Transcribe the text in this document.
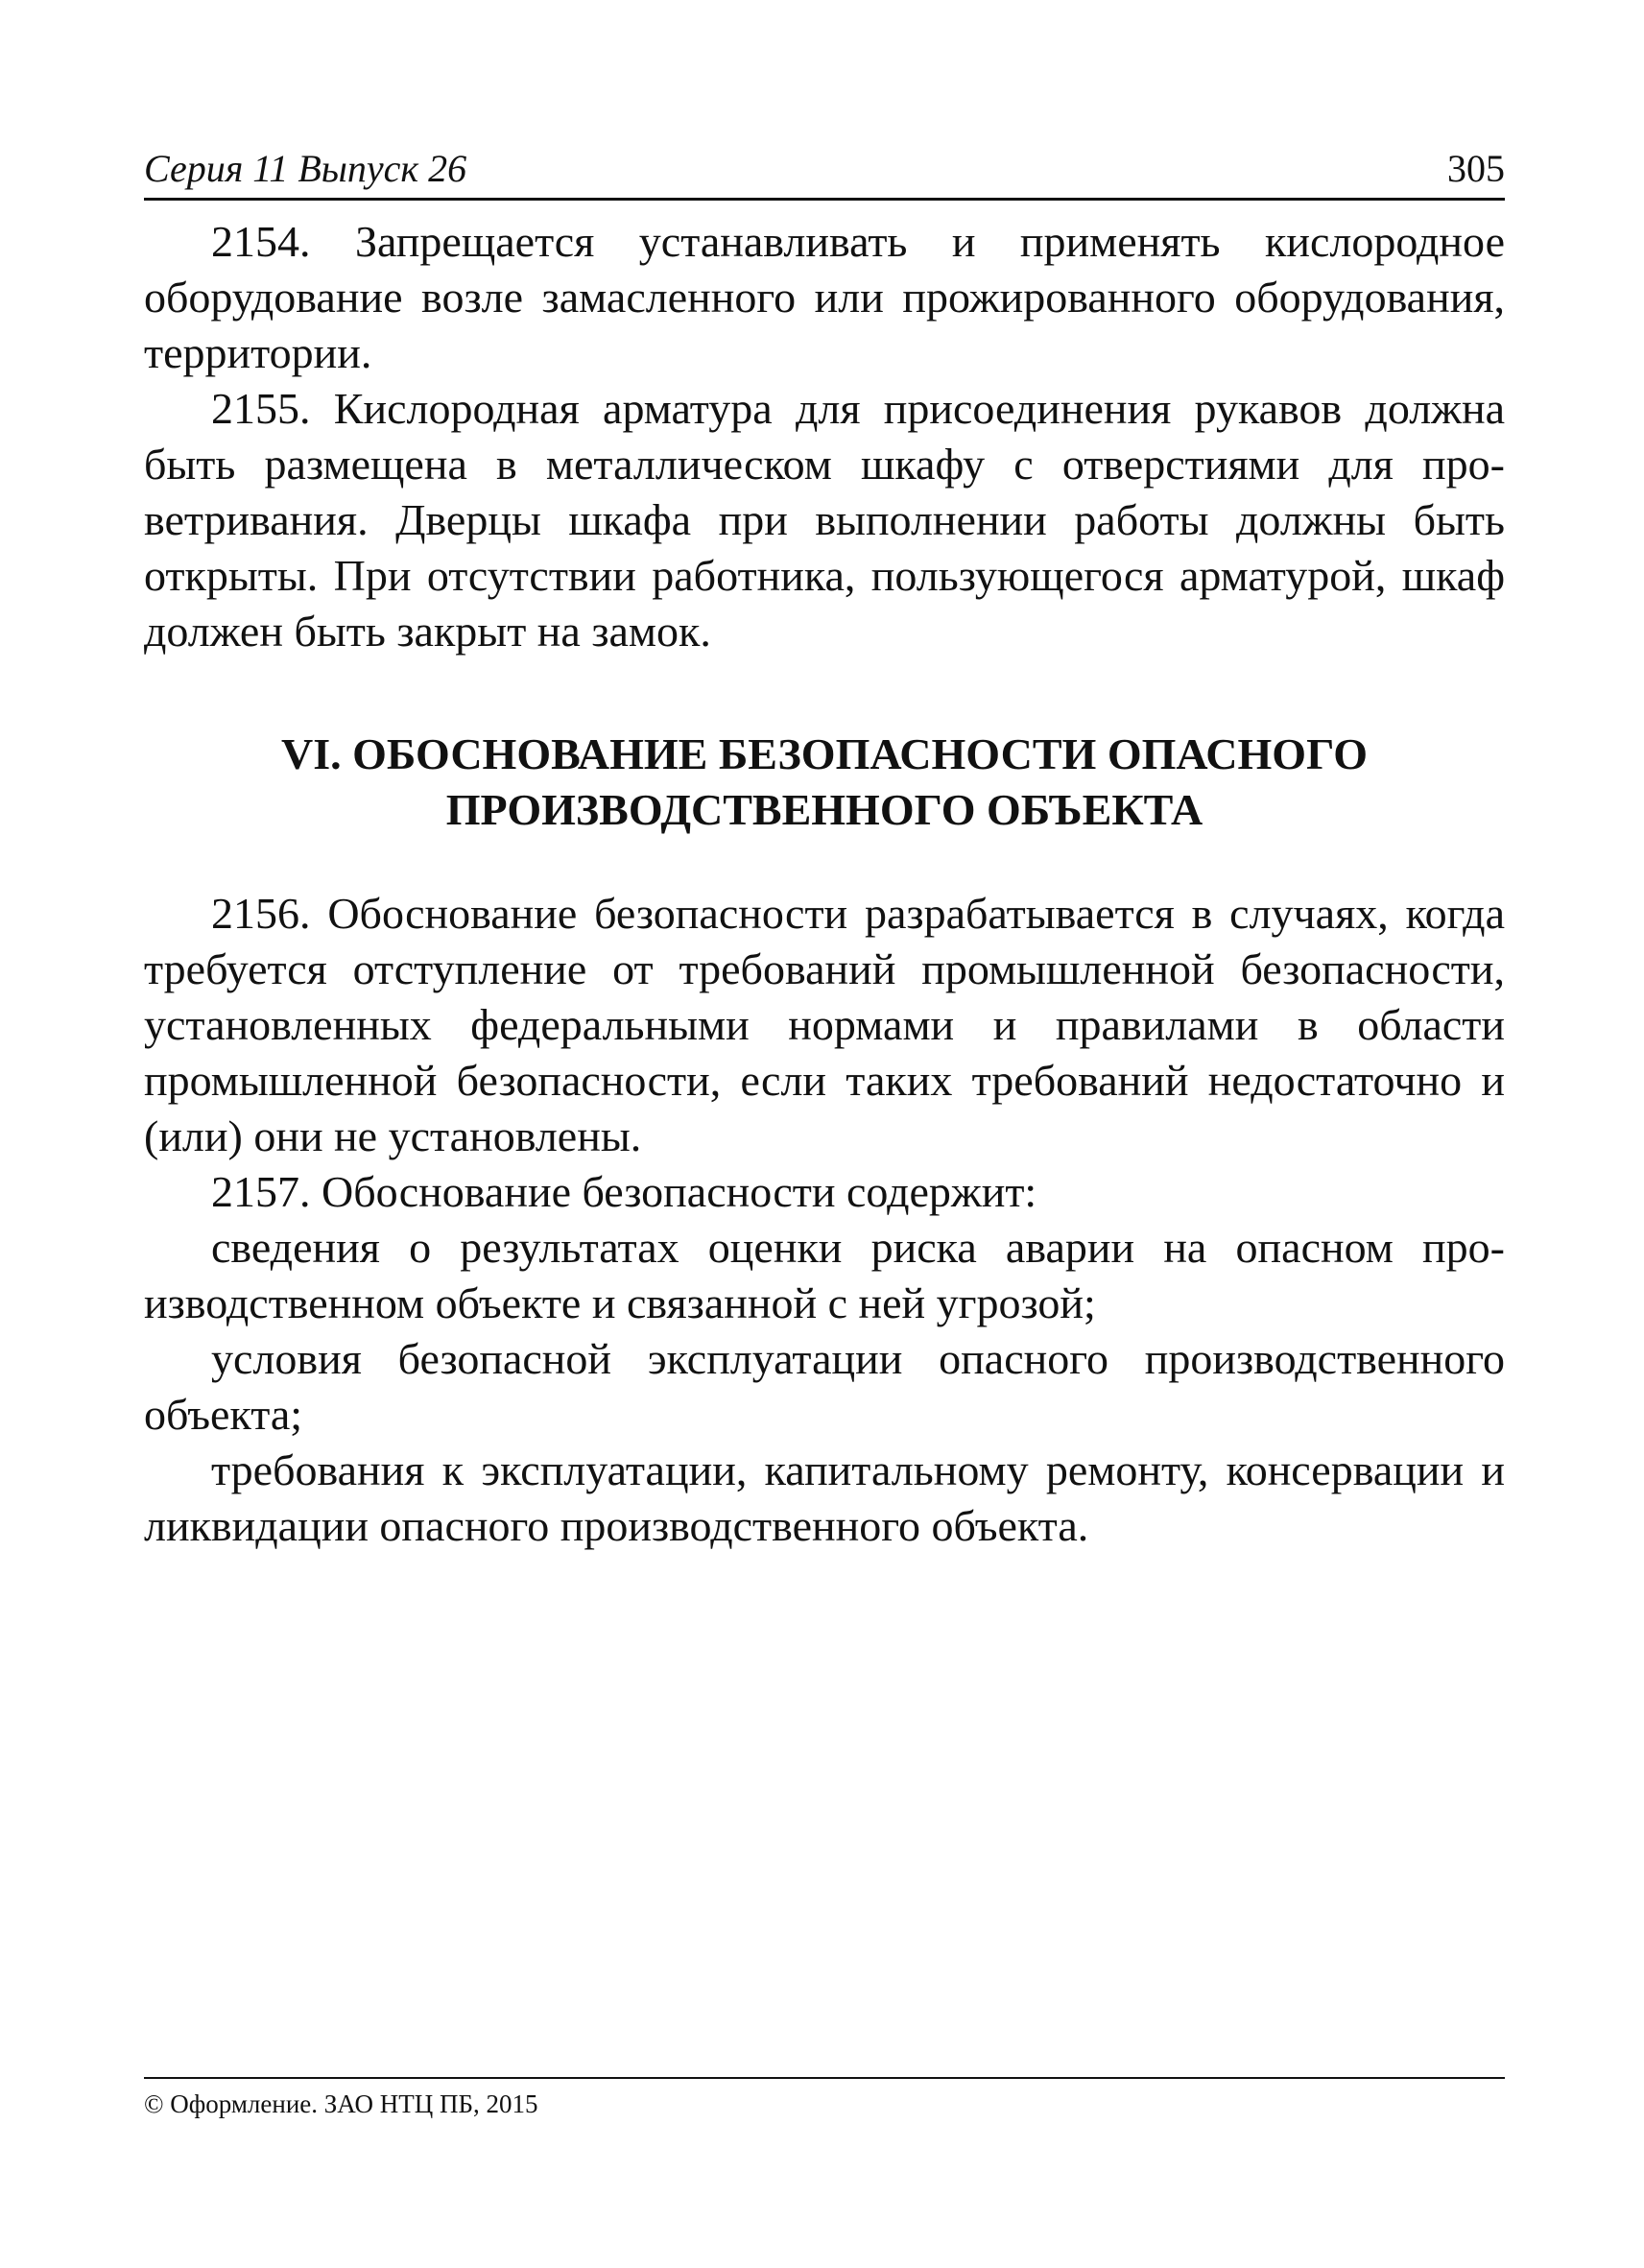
Серия 11 Выпуск 26	305

2154. Запрещается устанавливать и применять кислородное оборудование возле замасленного или прожированного оборудования, территории.

2155. Кислородная арматура для присоединения рукавов должна быть размещена в металлическом шкафу с отверстиями для проветривания. Дверцы шкафа при выполнении работы должны быть открыты. При отсутствии работника, пользующегося арматурой, шкаф должен быть закрыт на замок.

VI. ОБОСНОВАНИЕ БЕЗОПАСНОСТИ ОПАСНОГО
ПРОИЗВОДСТВЕННОГО ОБЪЕКТА

2156. Обоснование безопасности разрабатывается в случаях, когда требуется отступление от требований промышленной безопасности, установленных федеральными нормами и правилами в области промышленной безопасности, если таких требований недостаточно и (или) они не установлены.

2157. Обоснование безопасности содержит:

сведения о результатах оценки риска аварии на опасном производственном объекте и связанной с ней угрозой;

условия безопасной эксплуатации опасного производственного объекта;

требования к эксплуатации, капитальному ремонту, консервации и ликвидации опасного производственного объекта.

© Оформление. ЗАО НТЦ ПБ, 2015
